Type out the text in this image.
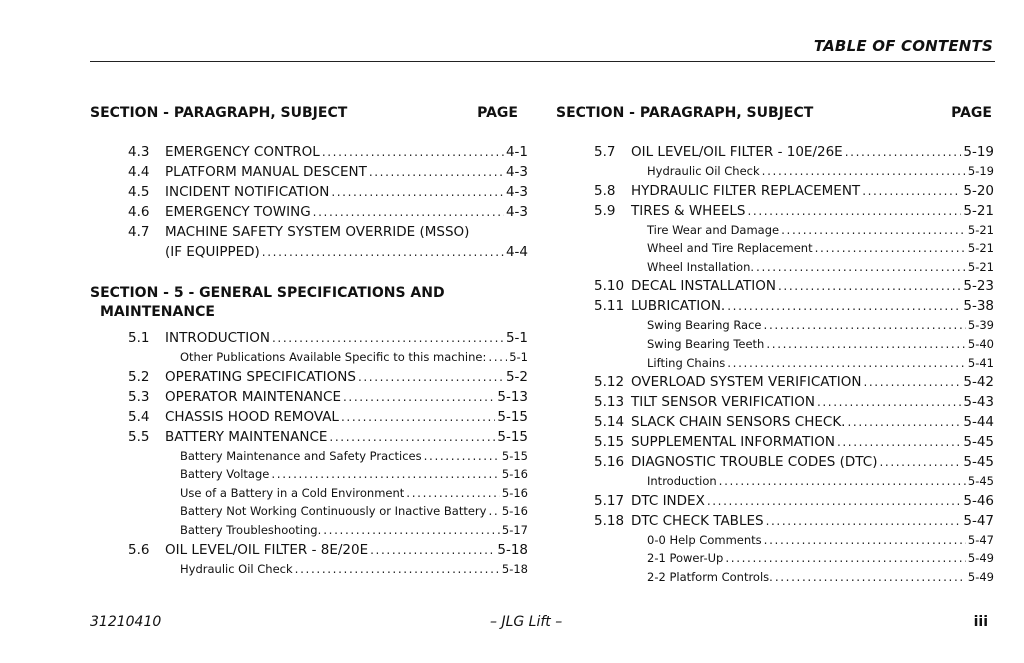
TABLE OF CONTENTS
SECTION - PARAGRAPH, SUBJECT	PAGE
4.3	EMERGENCY CONTROL . . .	4-1
4.4	PLATFORM MANUAL DESCENT . . .	4-3
4.5	INCIDENT NOTIFICATION . . .	4-3
4.6	EMERGENCY TOWING . . .	4-3
4.7	MACHINE SAFETY SYSTEM OVERRIDE (MSSO)
(IF EQUIPPED) . . .	4-4
SECTION - 5 - GENERAL SPECIFICATIONS AND
MAINTENANCE
5.1	INTRODUCTION . . .	5-1
Other Publications Available Specific to this machine: . . . 5-1
5.2	OPERATING SPECIFICATIONS . . .	5-2
5.3	OPERATOR MAINTENANCE . . .	5-13
5.4	CHASSIS HOOD REMOVAL . . .	5-15
5.5	BATTERY MAINTENANCE . . .	5-15
Battery Maintenance and Safety Practices . . .	5-15
Battery Voltage . . .	5-16
Use of a Battery in a Cold Environment . . .	5-16
Battery Not Working Continuously or Inactive Battery . . . 5-16
Battery Troubleshooting. . . .	5-17
5.6	OIL LEVEL/OIL FILTER - 8E/20E . . .	5-18
Hydraulic Oil Check . . .	5-18
SECTION - PARAGRAPH, SUBJECT	PAGE
5.7	OIL LEVEL/OIL FILTER - 10E/26E . . .	5-19
Hydraulic Oil Check . . .	5-19
5.8	HYDRAULIC FILTER REPLACEMENT . . .	5-20
5.9	TIRES & WHEELS . . .	5-21
Tire Wear and Damage . . .	5-21
Wheel and Tire Replacement . . .	5-21
Wheel Installation. . . .	5-21
5.10 DECAL INSTALLATION . . .	5-23
5.11 LUBRICATION. . . .	5-38
Swing Bearing Race . . .	5-39
Swing Bearing Teeth . . .	5-40
Lifting Chains . . .	5-41
5.12 OVERLOAD SYSTEM VERIFICATION . . .	5-42
5.13 TILT SENSOR VERIFICATION . . .	5-43
5.14 SLACK CHAIN SENSORS CHECK. . . .	5-44
5.15 SUPPLEMENTAL INFORMATION . . .	5-45
5.16 DIAGNOSTIC TROUBLE CODES (DTC) . . .	5-45
Introduction . . .	5-45
5.17 DTC INDEX . . .	5-46
5.18 DTC CHECK TABLES . . .	5-47
0-0 Help Comments . . .	5-47
2-1 Power-Up . . .	5-49
2-2 Platform Controls. . . .	5-49
31210410	– JLG Lift –	iii
